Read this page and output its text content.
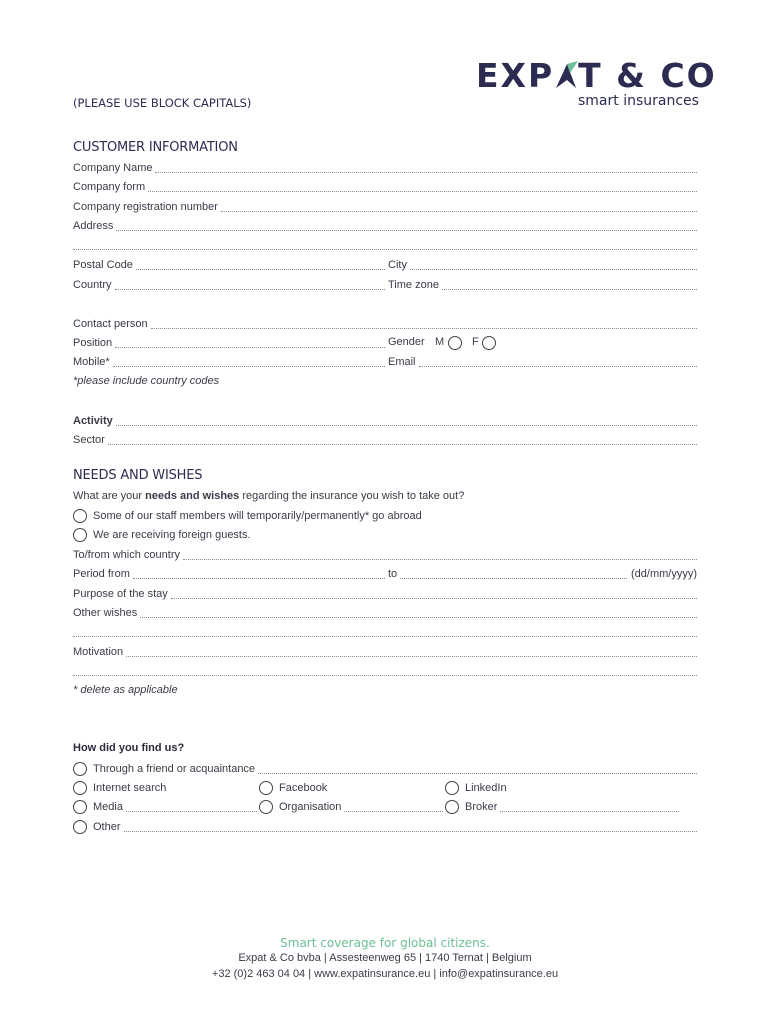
EXP T & CO
smart insurances
(PLEASE USE BLOCK CAPITALS)
CUSTOMER INFORMATION
Company Name
Company form
Company registration number
Address
Postal Code	City
Country	Time zone
Contact person
Position	Gender M	F
Mobile*	Email
*please include country codes
Activity
Sector
NEEDS AND WISHES
What are your needs and wishes regarding the insurance you wish to take out?
Some of our staff members will temporarily/permanently* go abroad
We are receiving foreign guests.
To/from which country
Period from	to	(dd/mm/yyyy)
Purpose of the stay
Other wishes
Motivation
* delete as applicable
How did you find us?
Through a friend or acquaintance
Internet search	Facebook	LinkedIn
Media	Organisation	Broker
Other
Smart coverage for global citizens.
Expat & Co bvba | Assesteenweg 65 | 1740 Ternat | Belgium
+32 (0)2 463 04 04 | www.expatinsurance.eu | info@expatinsurance.eu
